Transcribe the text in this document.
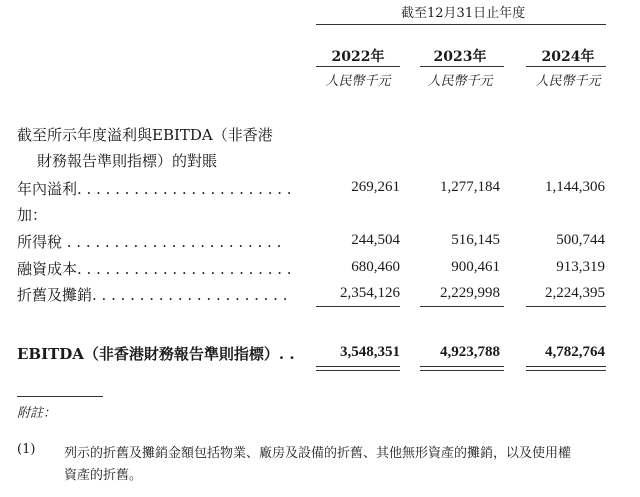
截至12月31日止年度
2022年	2023年	2024年
人民幣千元	人民幣千元	人民幣千元
截至所示年度溢利與EBITDA（非香港
財務報告準則指標）的對賬
年內溢利. . . . . . . . . . . . . . . . . . . . . . .	269,261	1,277,184	1,144,306
加：
所得稅 . . . . . . . . . . . . . . . . . . . . . . .	244,504	516,145	500,744
融資成本. . . . . . . . . . . . . . . . . . . . . . .	680,460	900,461	913,319
折舊及攤銷. . . . . . . . . . . . . . . . . . . . .	2,354,126	2,229,998	2,224,395
EBITDA（非香港財務報告準則指標）. .	3,548,351	4,923,788	4,782,764
附註：
(1) 列示的折舊及攤銷金額包括物業、廠房及設備的折舊、其他無形資產的攤銷，以及使用權
資產的折舊。
